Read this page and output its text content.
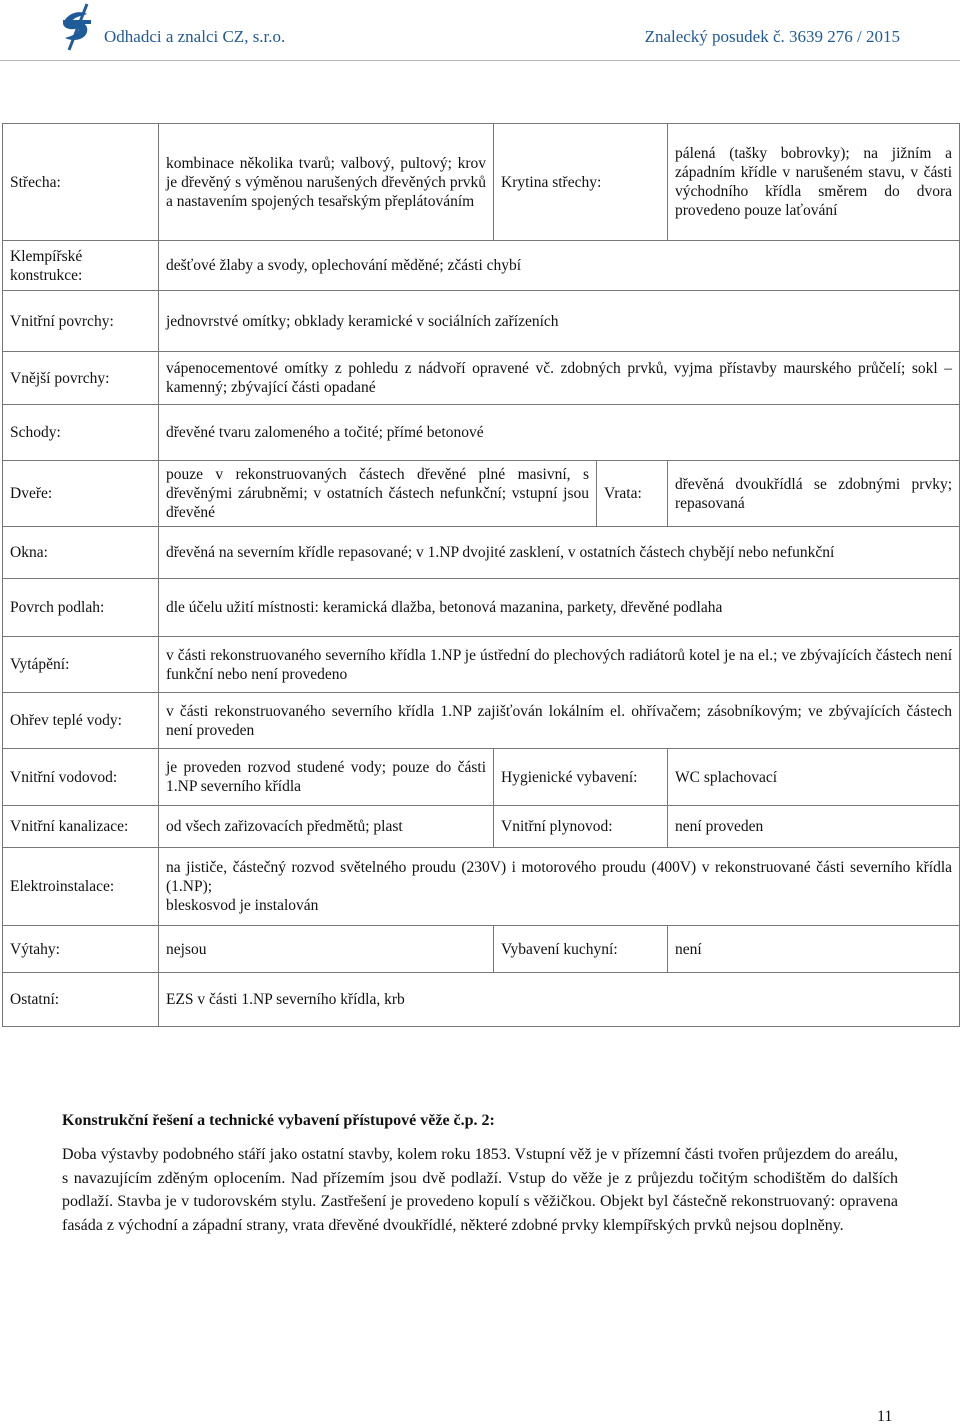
Odhadci a znalci CZ, s.r.o.	Znalecký posudek č. 3639 276 / 2015
Střecha:	kombinace několika tvarů; valbový, pultový; krov je dřevěný s výměnou narušených dřevěných prvků a nastavením spojených tesařským přeplátováním	Krytina střechy:		pálená (tašky bobrovky); na jižním a západním křídle v narušeném stavu, v části východního křídla směrem do dvora provedeno pouze laťování
Klempířské konstrukce:	dešťové žlaby a svody, oplechování měděné; zčásti chybí			
Vnitřní povrchy:	jednovrstvé omítky; obklady keramické v sociálních zařízeních			
Vnější povrchy:	vápenocementové omítky z pohledu z nádvoří opravené vč. zdobných prvků, vyjma přístavby maurského průčelí; sokl – kamenný; zbývající části opadané			
Schody:	dřevěné tvaru zalomeného a točité; přímé betonové			
Dveře:	pouze v rekonstruovaných částech dřevěné plné masivní, s dřevěnými zárubněmi; v ostatních částech nefunkční; vstupní jsou dřevěné		Vrata:	dřevěná dvoukřídlá se zdobnými prvky; repasovaná
Okna:	dřevěná na severním křídle repasované; v 1.NP dvojité zasklení, v ostatních částech chybějí nebo nefunkční			
Povrch podlah:	dle účelu užití místnosti: keramická dlažba, betonová mazanina, parkety, dřevěné podlaha			
Vytápění:	v části rekonstruovaného severního křídla 1.NP je ústřední do plechových radiátorů kotel je na el.; ve zbývajících částech není funkční nebo není provedeno			
Ohřev teplé vody:	v části rekonstruovaného severního křídla 1.NP zajišťován lokálním el. ohřívačem; zásobníkovým; ve zbývajících částech není proveden			
Vnitřní vodovod:	je proveden rozvod studené vody; pouze do části 1.NP severního křídla	Hygienické vybavení:		WC splachovací
Vnitřní kanalizace:	od všech zařizovacích předmětů; plast	Vnitřní plynovod:		není proveden
Elektroinstalace:	na jističe, částečný rozvod světelného proudu (230V) i motorového proudu (400V) v rekonstruované části severního křídla (1.NP);
bleskosvod je instalován			

Výtahy:	nejsou	Vybavení kuchyní:		není
Ostatní:	EZS v části 1.NP severního křídla, krb			
Konstrukční řešení a technické vybavení přístupové věže č.p. 2:
Doba výstavby podobného stáří jako ostatní stavby, kolem roku 1853. Vstupní věž je v přízemní části tvořen průjezdem do areálu, s navazujícím zděným oplocením. Nad přízemím jsou dvě podlaží. Vstup do věže je z průjezdu točitým schodištěm do dalších podlaží. Stavba je v tudorovském stylu. Zastřešení je provedeno kopulí s věžičkou. Objekt byl částečně rekonstruovaný: opravena fasáda z východní a západní strany, vrata dřevěné dvoukřídlé, některé zdobné prvky klempířských prvků nejsou doplněny.
11
